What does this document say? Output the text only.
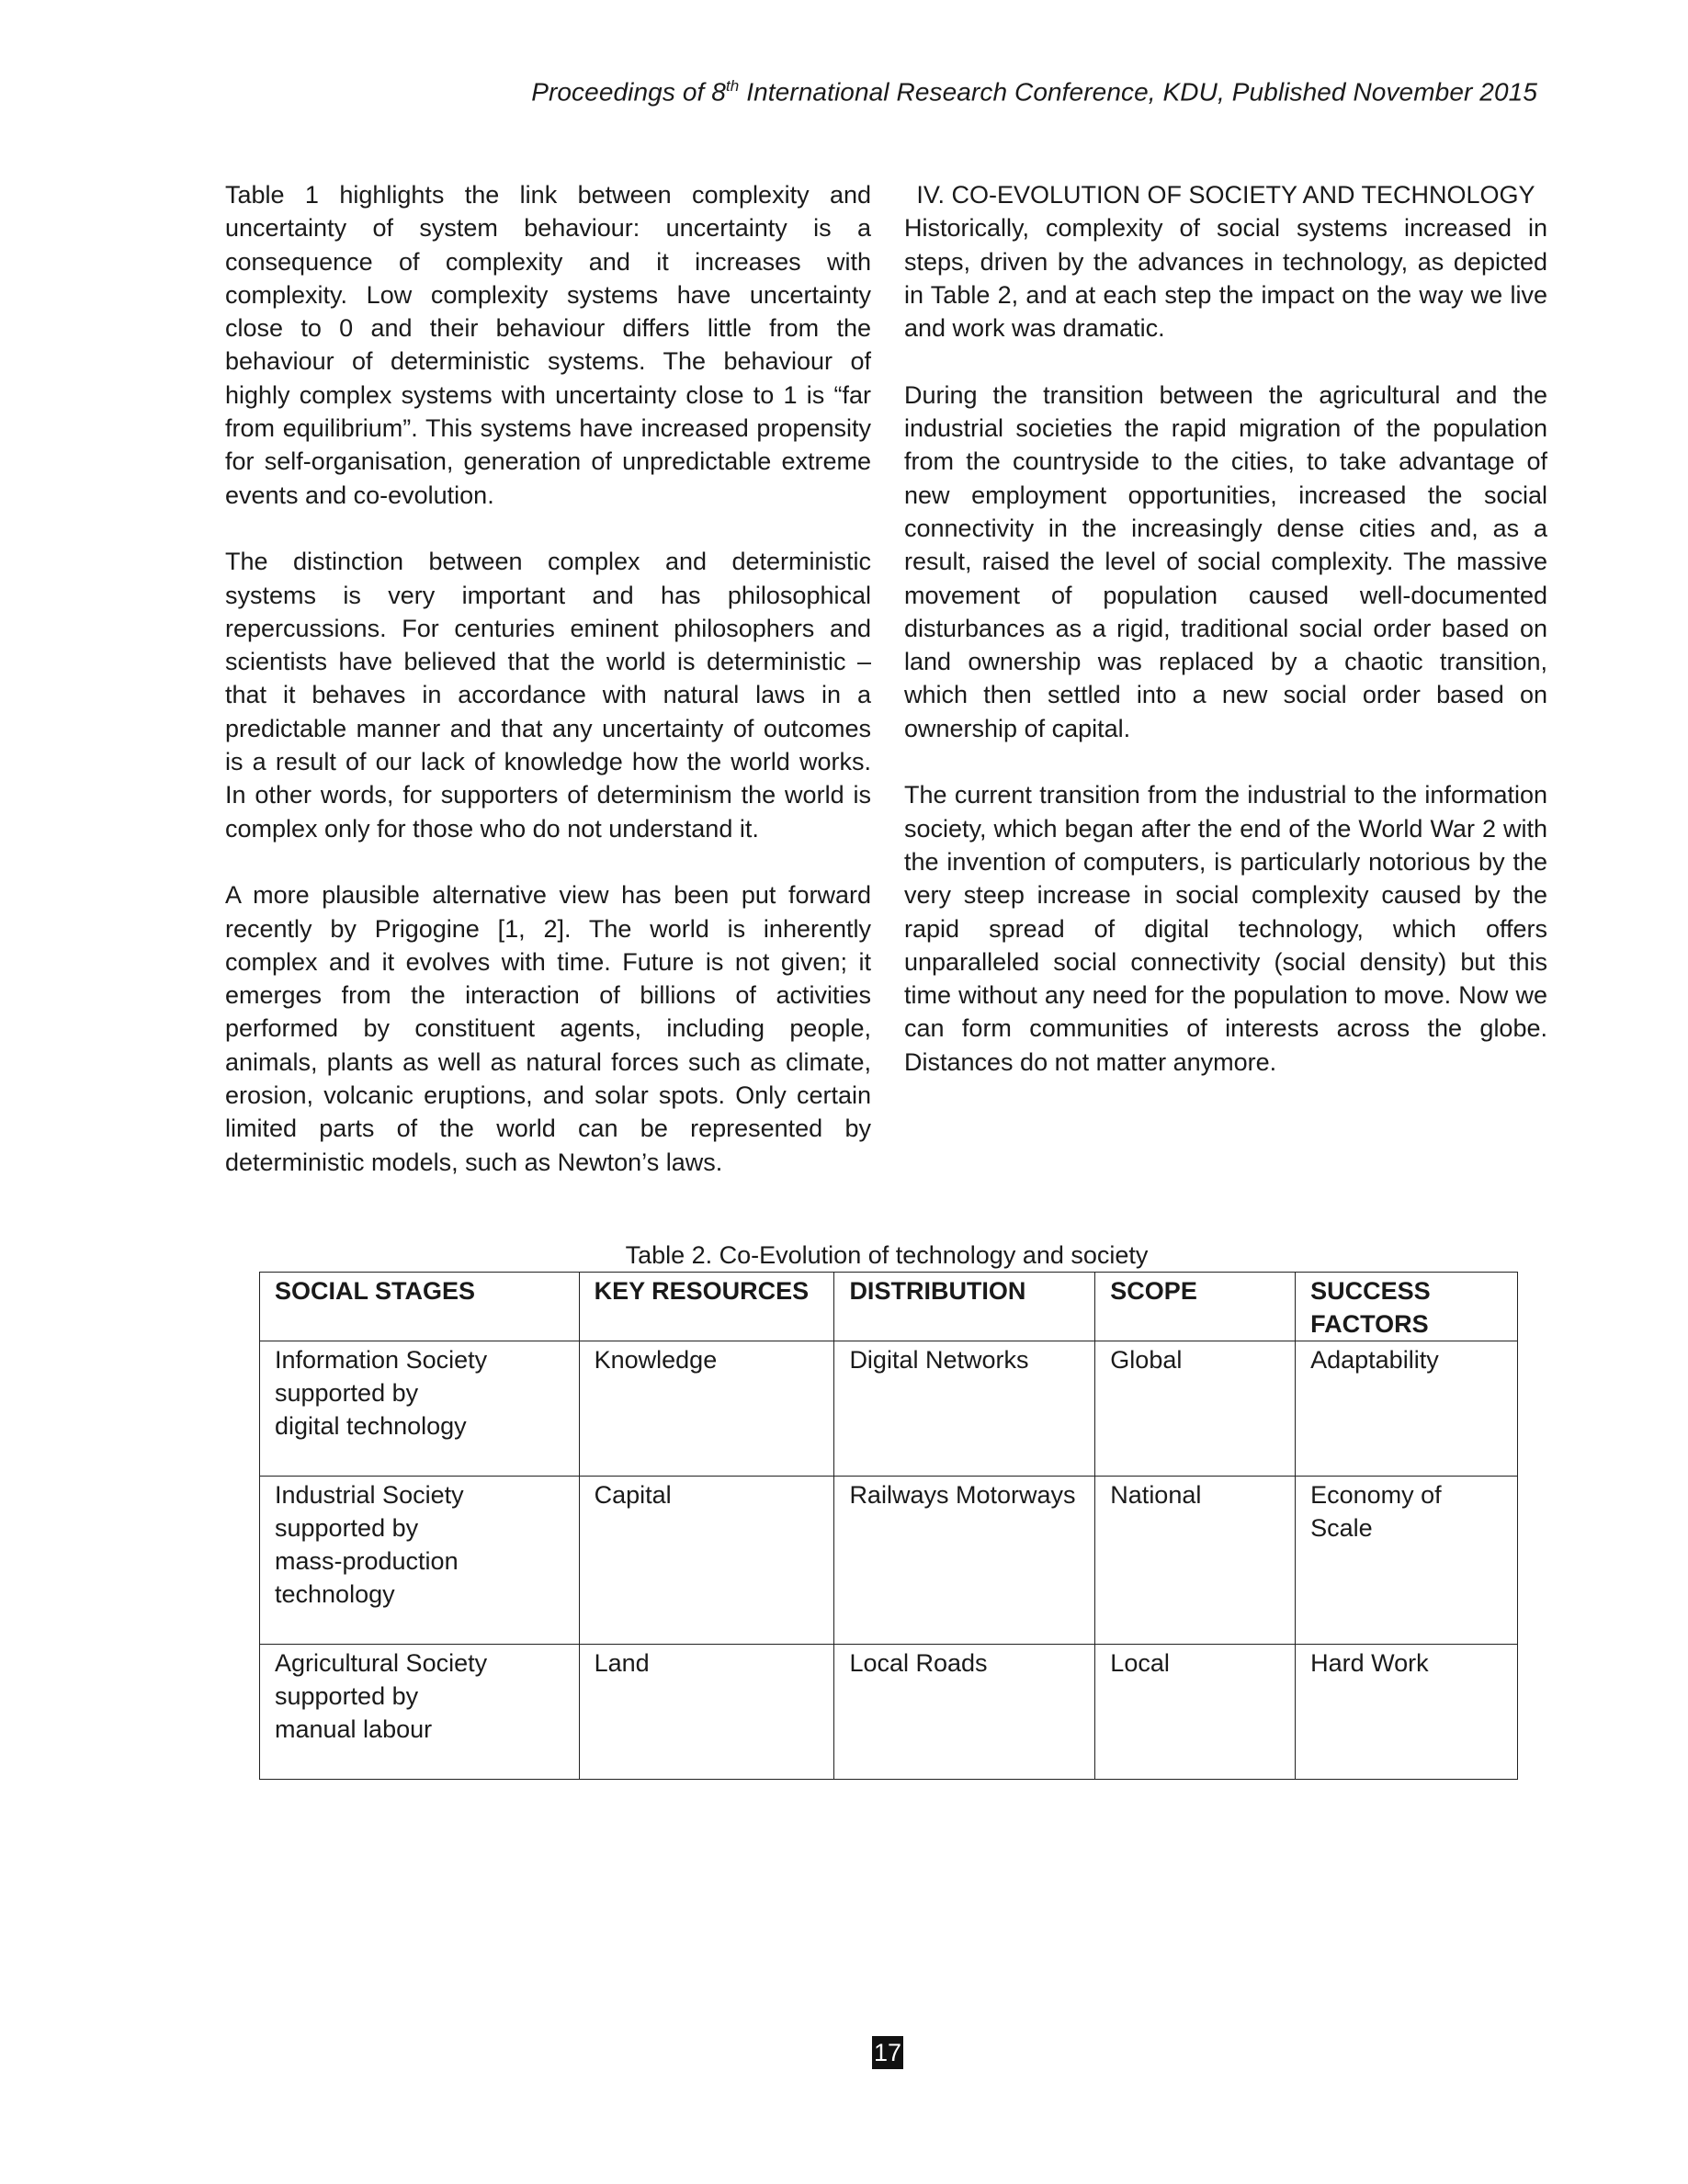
Proceedings of 8th International Research Conference, KDU, Published November 2015

Table 1 highlights the link between complexity and uncertainty of system behaviour: uncertainty is a consequence of complexity and it increases with complexity. Low complexity systems have uncertainty close to 0 and their behaviour differs little from the behaviour of deterministic systems. The behaviour of highly complex systems with uncertainty close to 1 is “far from equilibrium”. This systems have increased propensity for self-organisation, generation of unpredictable extreme events and co-evolution.

The distinction between complex and deterministic systems is very important and has philosophical repercussions. For centuries eminent philosophers and scientists have believed that the world is deterministic – that it behaves in accordance with natural laws in a predictable manner and that any uncertainty of outcomes is a result of our lack of knowledge how the world works. In other words, for supporters of determinism the world is complex only for those who do not understand it.

A more plausible alternative view has been put forward recently by Prigogine [1, 2]. The world is inherently complex and it evolves with time. Future is not given; it emerges from the interaction of billions of activities performed by constituent agents, including people, animals, plants as well as natural forces such as climate, erosion, volcanic eruptions, and solar spots. Only certain limited parts of the world can be represented by deterministic models, such as Newton’s laws.

IV. CO-EVOLUTION OF SOCIETY AND TECHNOLOGY

Historically, complexity of social systems increased in steps, driven by the advances in technology, as depicted in Table 2, and at each step the impact on the way we live and work was dramatic.

During the transition between the agricultural and the industrial societies the rapid migration of the population from the countryside to the cities, to take advantage of new employment opportunities, increased the social connectivity in the increasingly dense cities and, as a result, raised the level of social complexity. The massive movement of population caused well-documented disturbances as a rigid, traditional social order based on land ownership was replaced by a chaotic transition, which then settled into a new social order based on ownership of capital.

The current transition from the industrial to the information society, which began after the end of the World War 2 with the invention of computers, is particularly notorious by the very steep increase in social complexity caused by the rapid spread of digital technology, which offers unparalleled social connectivity (social density) but this time without any need for the population to move. Now we can form communities of interests across the globe. Distances do not matter anymore.

Table 2. Co-Evolution of technology and society
SOCIAL STAGES	KEY RESOURCES	DISTRIBUTION	SCOPE	SUCCESS FACTORS
Information Society
supported by
digital technology	Knowledge	Digital Networks	Global	Adaptability
Industrial Society
supported by
mass-production
technology	Capital	Railways Motorways	National	Economy of
Scale
Agricultural Society
supported by
manual labour	Land	Local Roads	Local	Hard Work
17
